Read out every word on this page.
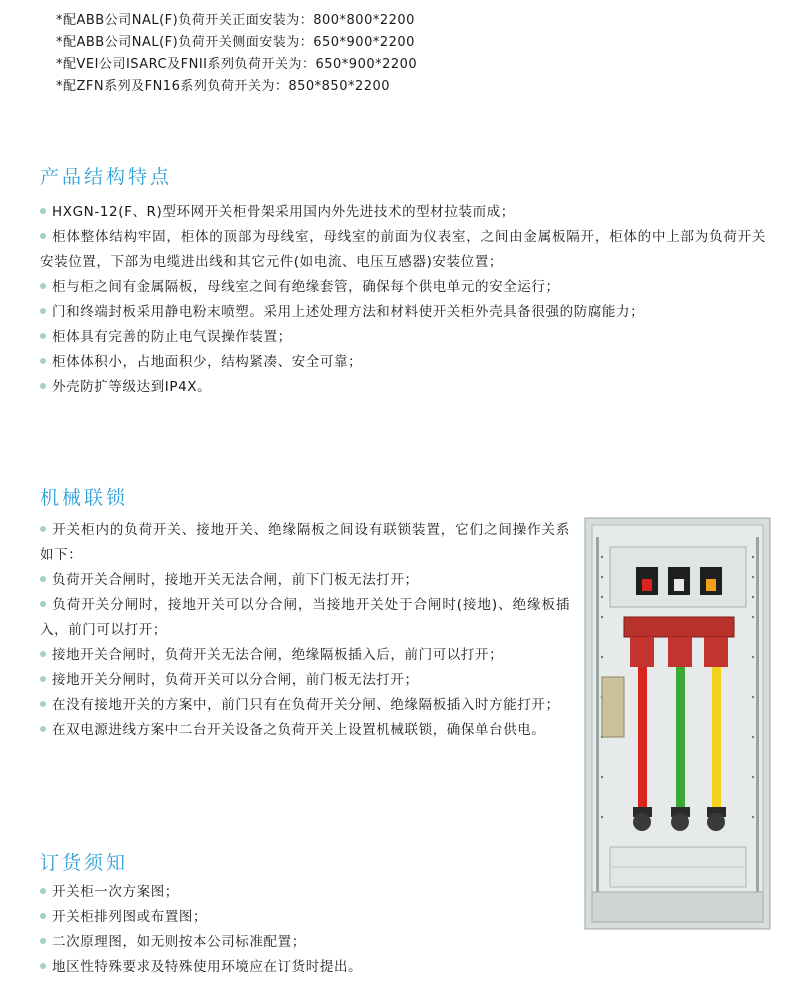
*配ABB公司NAL(F)负荷开关正面安装为：800*800*2200
*配ABB公司NAL(F)负荷开关侧面安装为：650*900*2200
*配VEI公司ISARC及FNII系列负荷开关为：650*900*2200
*配ZFN系列及FN16系列负荷开关为：850*850*2200
产品结构特点
HXGN-12(F、R)型环网开关柜骨架采用国内外先进技术的型材拉装而成；
柜体整体结构牢固，柜体的顶部为母线室，母线室的前面为仪表室，之间由金属板隔开，柜体的中上部为负荷开关安装位置，下部为电缆进出线和其它元件(如电流、电压互感器)安装位置；
柜与柜之间有金属隔板，母线室之间有绝缘套管，确保每个供电单元的安全运行；
门和终端封板采用静电粉末喷塑。采用上述处理方法和材料使开关柜外壳具备很强的防腐能力；
柜体具有完善的防止电气误操作装置；
柜体体积小，占地面积少，结构紧凑、安全可靠；
外壳防扩等级达到IP4X。
机械联锁
开关柜内的负荷开关、接地开关、绝缘隔板之间设有联锁装置，它们之间操作关系如下：
负荷开关合闸时，接地开关无法合闸，前下门板无法打开；
负荷开关分闸时，接地开关可以分合闸，当接地开关处于合闸时(接地)、绝缘板插入，前门可以打开；
接地开关合闸时，负荷开关无法合闸，绝缘隔板插入后，前门可以打开；
接地开关分闸时，负荷开关可以分合闸，前门板无法打开；
在没有接地开关的方案中，前门只有在负荷开关分闸、绝缘隔板插入时方能打开；
在双电源进线方案中二台开关设备之负荷开关上设置机械联锁，确保单台供电。
订货须知
开关柜一次方案图；
开关柜排列图或布置图；
二次原理图，如无则按本公司标准配置；
地区性特殊要求及特殊使用环境应在订货时提出。
